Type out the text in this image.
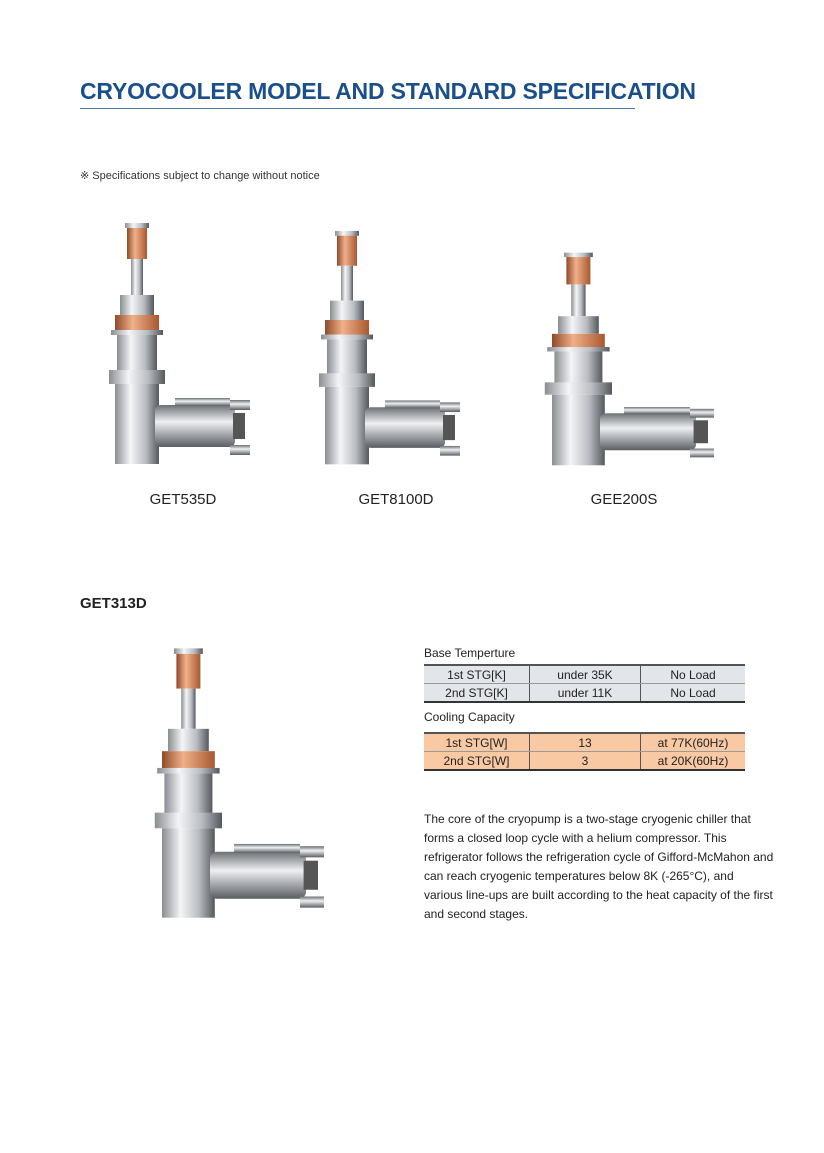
CRYOCOOLER MODEL AND STANDARD SPECIFICATION
※ Specifications subject to change without notice
GET535D	GET8100D	GEE200S
GET313D
Base Temperture
1st STG[K]	under 35K	No Load
2nd STG[K]	under 11K	No Load
Cooling Capacity
1st STG[W]	13	at 77K(60Hz)
2nd STG[W]	3	at 20K(60Hz)
The core of the cryopump is a two-stage cryogenic chiller that forms a closed loop cycle with a helium compressor. This refrigerator follows the refrigeration cycle of Gifford-McMahon and can reach cryogenic temperatures below 8K (-265°C), and various line-ups are built according to the heat capacity of the first and second stages.
